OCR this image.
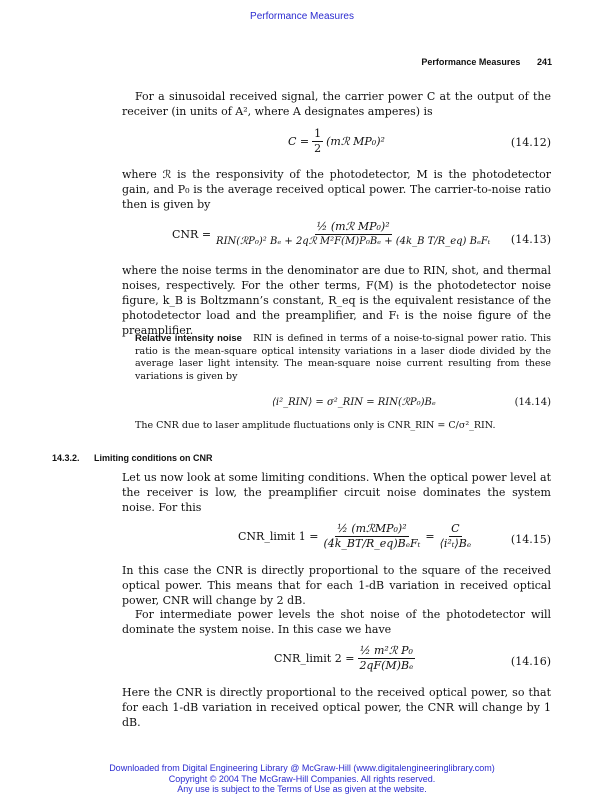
Performance Measures
Performance Measures 241

For a sinusoidal received signal, the carrier power C at the output of the receiver (in units of A², where A designates amperes) is

$C = \frac{1}{2}$ (mℛ MP₀)²	(14.12)

where ℛ is the responsivity of the photodetector, M is the photodetector gain, and P₀ is the average received optical power. The carrier-to-noise ratio then is given by

CNR = $\frac{\text{½ (mℛ MP₀)²}}{\text{RIN(ℛP₀)² Bₑ + 2qℛ M²F(M)P₀Bₑ + (4k\_B T/R\_eq) BₑFₜ}} (14.13)$

where the noise terms in the denominator are due to RIN, shot, and thermal noises, respectively. For the other terms, F(M) is the photodetector noise figure, k_B is Boltzmann’s constant, R_eq is the equivalent resistance of the photodetector load and the preamplifier, and Fₜ is the noise figure of the preamplifier.

Relative intensity noise RIN is defined in terms of a noise-to-signal power ratio. This ratio is the mean-square optical intensity variations in a laser diode divided by the average laser light intensity. The mean-square noise current resulting from these variations is given by

⟨i²_RIN⟩ = σ²_RIN = RIN(ℛP₀)Bₑ	(14.14)

The CNR due to laser amplitude fluctuations only is CNR_RIN = C/σ²_RIN.

Let us now look at some limiting conditions. When the optical power level at the receiver is low, the preamplifier circuit noise dominates the system noise. For this

CNR_limit $1 = \frac{\text{½ (mℛMP₀)²}}{\text{(4k\_BT/R\_eq)BₑFₜ}} = \frac{C}{\text{⟨i²ₜ⟩Bₑ}}$	(14.15)

In this case the CNR is directly proportional to the square of the received optical power. This means that for each 1-dB variation in received optical power, CNR will change by 2 dB.

For intermediate power levels the shot noise of the photodetector will dominate the system noise. In this case we have

CNR_limit $2 = \frac{\text{½ m²ℛ P₀}}{\text{2qF(M)Bₑ}}$	(14.16)

Here the CNR is directly proportional to the received optical power, so that for each 1-dB variation in received optical power, the CNR will change by 1 dB.

14.3.2. Limiting conditions on CNR
Downloaded from Digital Engineering Library @ McGraw-Hill (www.digitalengineeringlibrary.com)
Copyright © 2004 The McGraw-Hill Companies. All rights reserved.
Any use is subject to the Terms of Use as given at the website.
